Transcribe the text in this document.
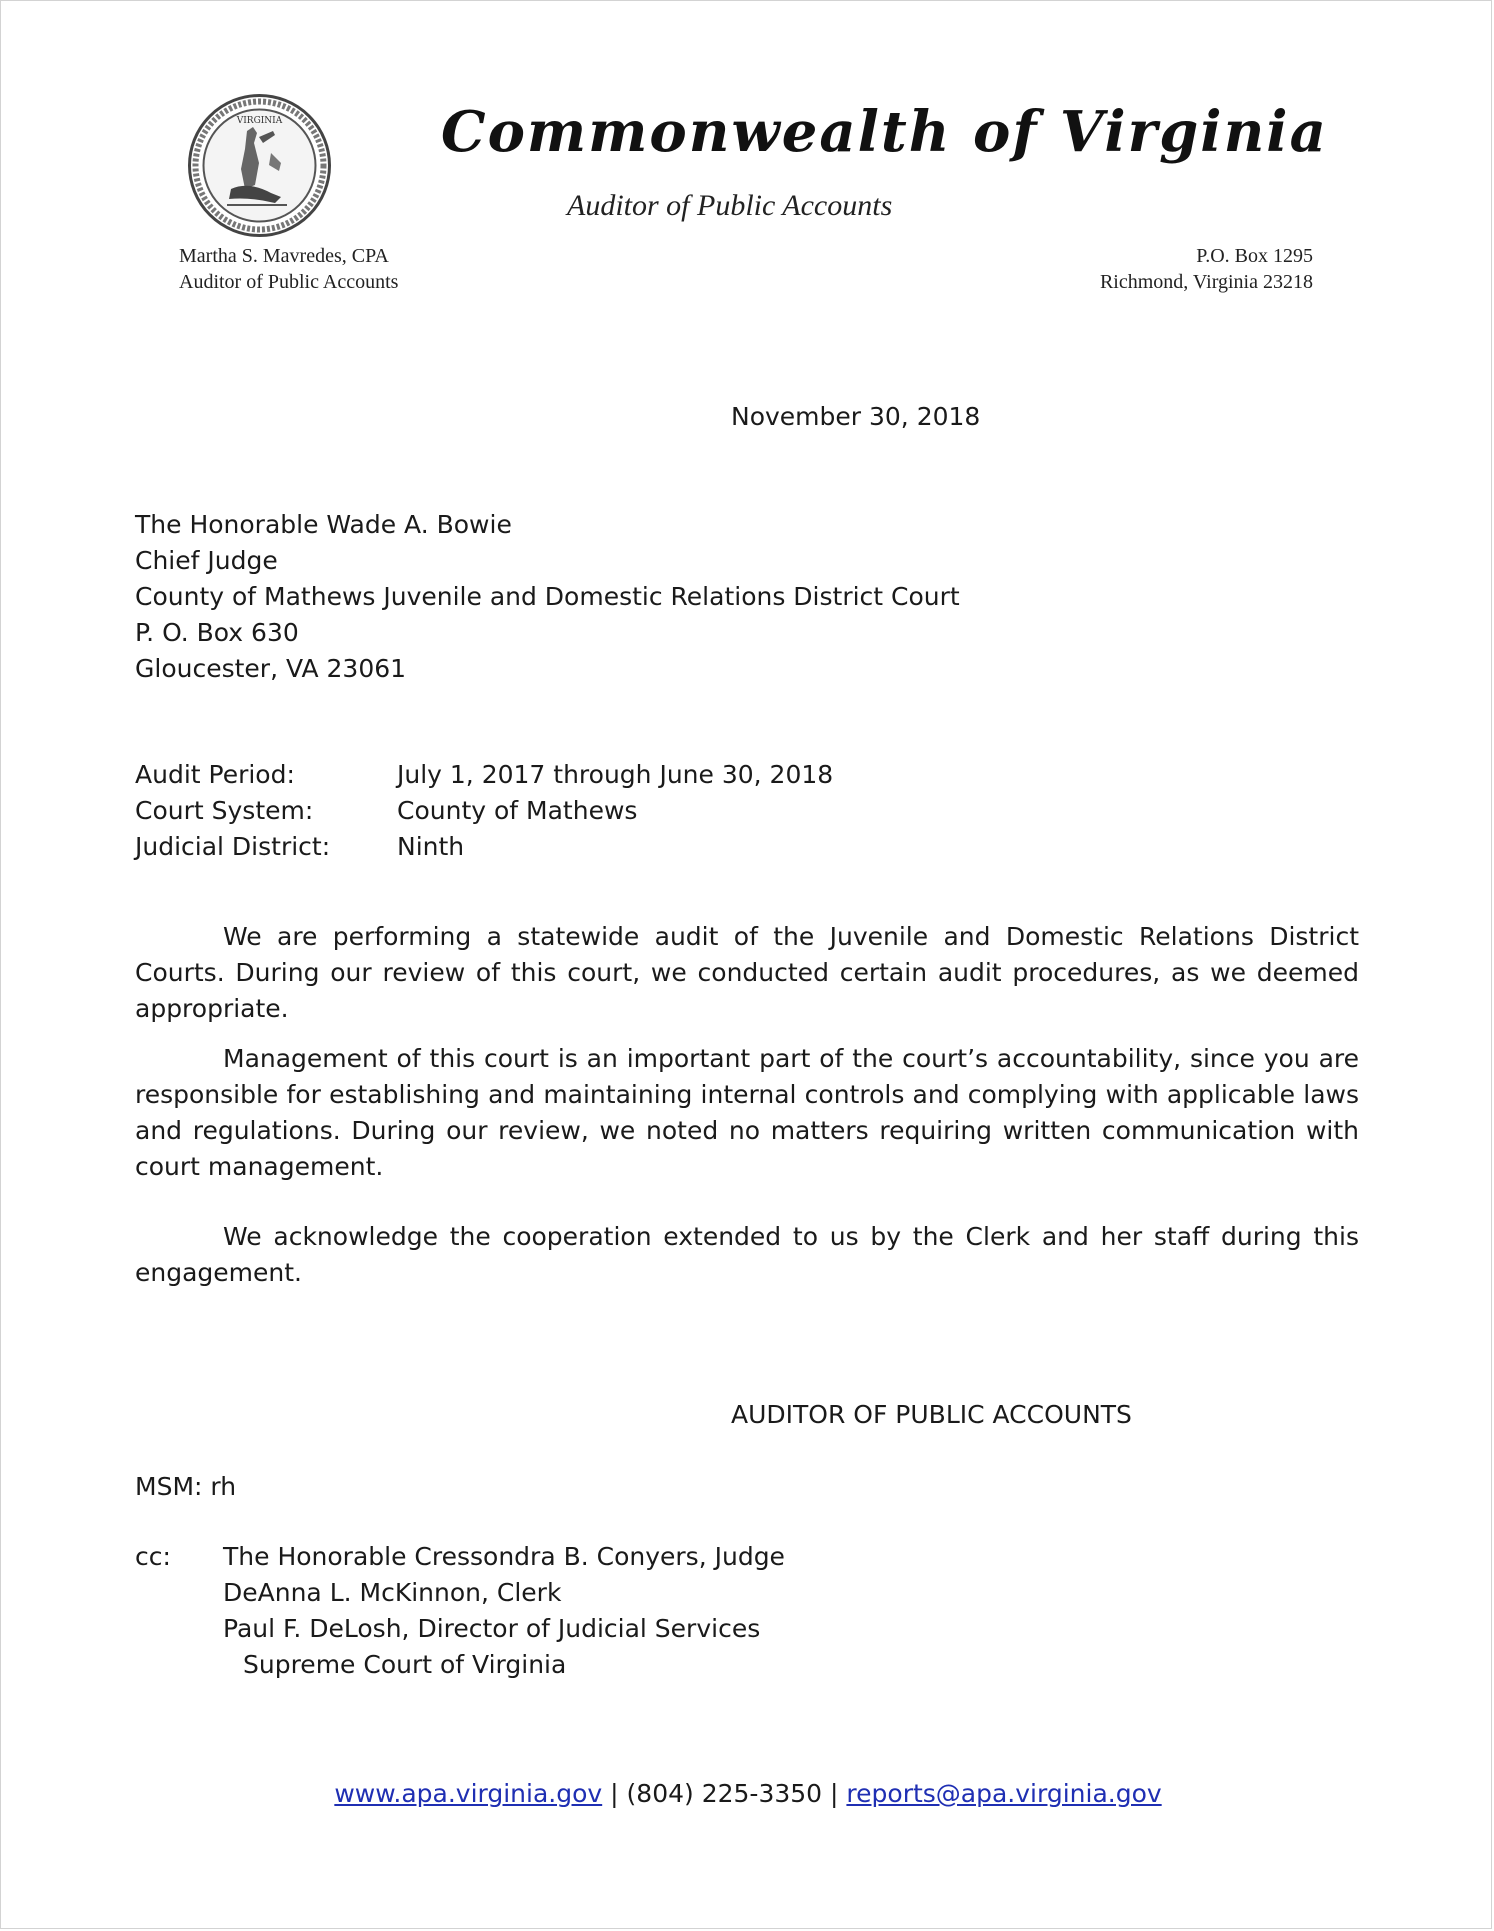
VIRGINIA	Commonwealth of Virginia
Auditor of Public Accounts
Martha S. Mavredes, CPA
Auditor of Public Accounts
P.O. Box 1295
Richmond, Virginia 23218
November 30, 2018
The Honorable Wade A. Bowie
Chief Judge
County of Mathews Juvenile and Domestic Relations District Court
P. O. Box 630
Gloucester, VA 23061
Audit Period:	July 1, 2017 through June 30, 2018
Court System:	County of Mathews
Judicial District:	Ninth

We are performing a statewide audit of the Juvenile and Domestic Relations District Courts. During our review of this court, we conducted certain audit procedures, as we deemed appropriate.

Management of this court is an important part of the court’s accountability, since you are responsible for establishing and maintaining internal controls and complying with applicable laws and regulations. During our review, we noted no matters requiring written communication with court management.

We acknowledge the cooperation extended to us by the Clerk and her staff during this engagement.

AUDITOR OF PUBLIC ACCOUNTS
MSM: rh
cc: The Honorable Cressondra B. Conyers, Judge
DeAnna L. McKinnon, Clerk
Paul F. DeLosh, Director of Judicial Services
Supreme Court of Virginia
www.apa.virginia.gov | (804) 225-3350 | reports@apa.virginia.gov
